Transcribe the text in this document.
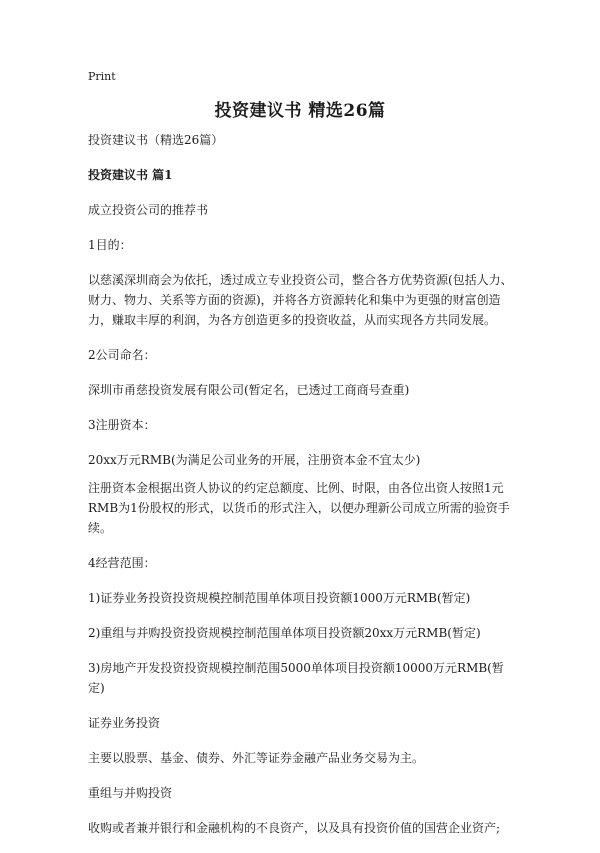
Print
投资建议书 精选26篇

投资建议书（精选26篇）

投资建议书 篇1

成立投资公司的推荐书

1目的：

以慈溪深圳商会为依托，透过成立专业投资公司，整合各方优势资源(包括人力、财力、物力、关系等方面的资源)，并将各方资源转化和集中为更强的财富创造力，赚取丰厚的利润，为各方创造更多的投资收益，从而实现各方共同发展。

2公司命名：

深圳市甬慈投资发展有限公司(暂定名，已透过工商商号查重)

3注册资本：

20xx万元RMB(为满足公司业务的开展，注册资本金不宜太少)

注册资本金根据出资人协议的约定总额度、比例、时限，由各位出资人按照1元RMB为1份股权的形式，以货币的形式注入，以便办理新公司成立所需的验资手续。

4经营范围：

1)证券业务投资投资规模控制范围单体项目投资额1000万元RMB(暂定)

2)重组与并购投资投资规模控制范围单体项目投资额20xx万元RMB(暂定)

3)房地产开发投资投资规模控制范围5000单体项目投资额10000万元RMB(暂定)

证券业务投资

主要以股票、基金、债券、外汇等证券金融产品业务交易为主。

重组与并购投资

收购或者兼并银行和金融机构的不良资产，以及具有投资价值的国营企业资产;
